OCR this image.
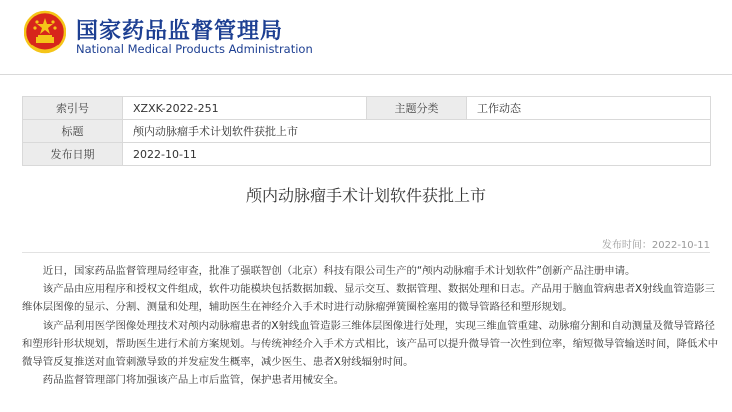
国家药品监督管理局
National Medical Products Administration
索引号	XZXK-2022-251	主题分类	工作动态
标题	颅内动脉瘤手术计划软件获批上市		
发布日期	2022-10-11		
颅内动脉瘤手术计划软件获批上市
发布时间：2022-10-11

近日，国家药品监督管理局经审查，批准了强联智创（北京）科技有限公司生产的“颅内动脉瘤手术计划软件”创新产品注册申请。

该产品由应用程序和授权文件组成，软件功能模块包括数据加载、显示交互、数据管理、数据处理和日志。产品用于脑血管病患者X射线血管造影三维体层图像的显示、分割、测量和处理，辅助医生在神经介入手术时进行动脉瘤弹簧圈栓塞用的微导管路径和塑形规划。

该产品利用医学图像处理技术对颅内动脉瘤患者的X射线血管造影三维体层图像进行处理，实现三维血管重建、动脉瘤分割和自动测量及微导管路径和塑形针形状规划，帮助医生进行术前方案规划。与传统神经介入手术方式相比，该产品可以提升微导管一次性到位率，缩短微导管输送时间，降低术中微导管反复推送对血管刺激导致的并发症发生概率，减少医生、患者X射线辐射时间。

药品监督管理部门将加强该产品上市后监管，保护患者用械安全。
